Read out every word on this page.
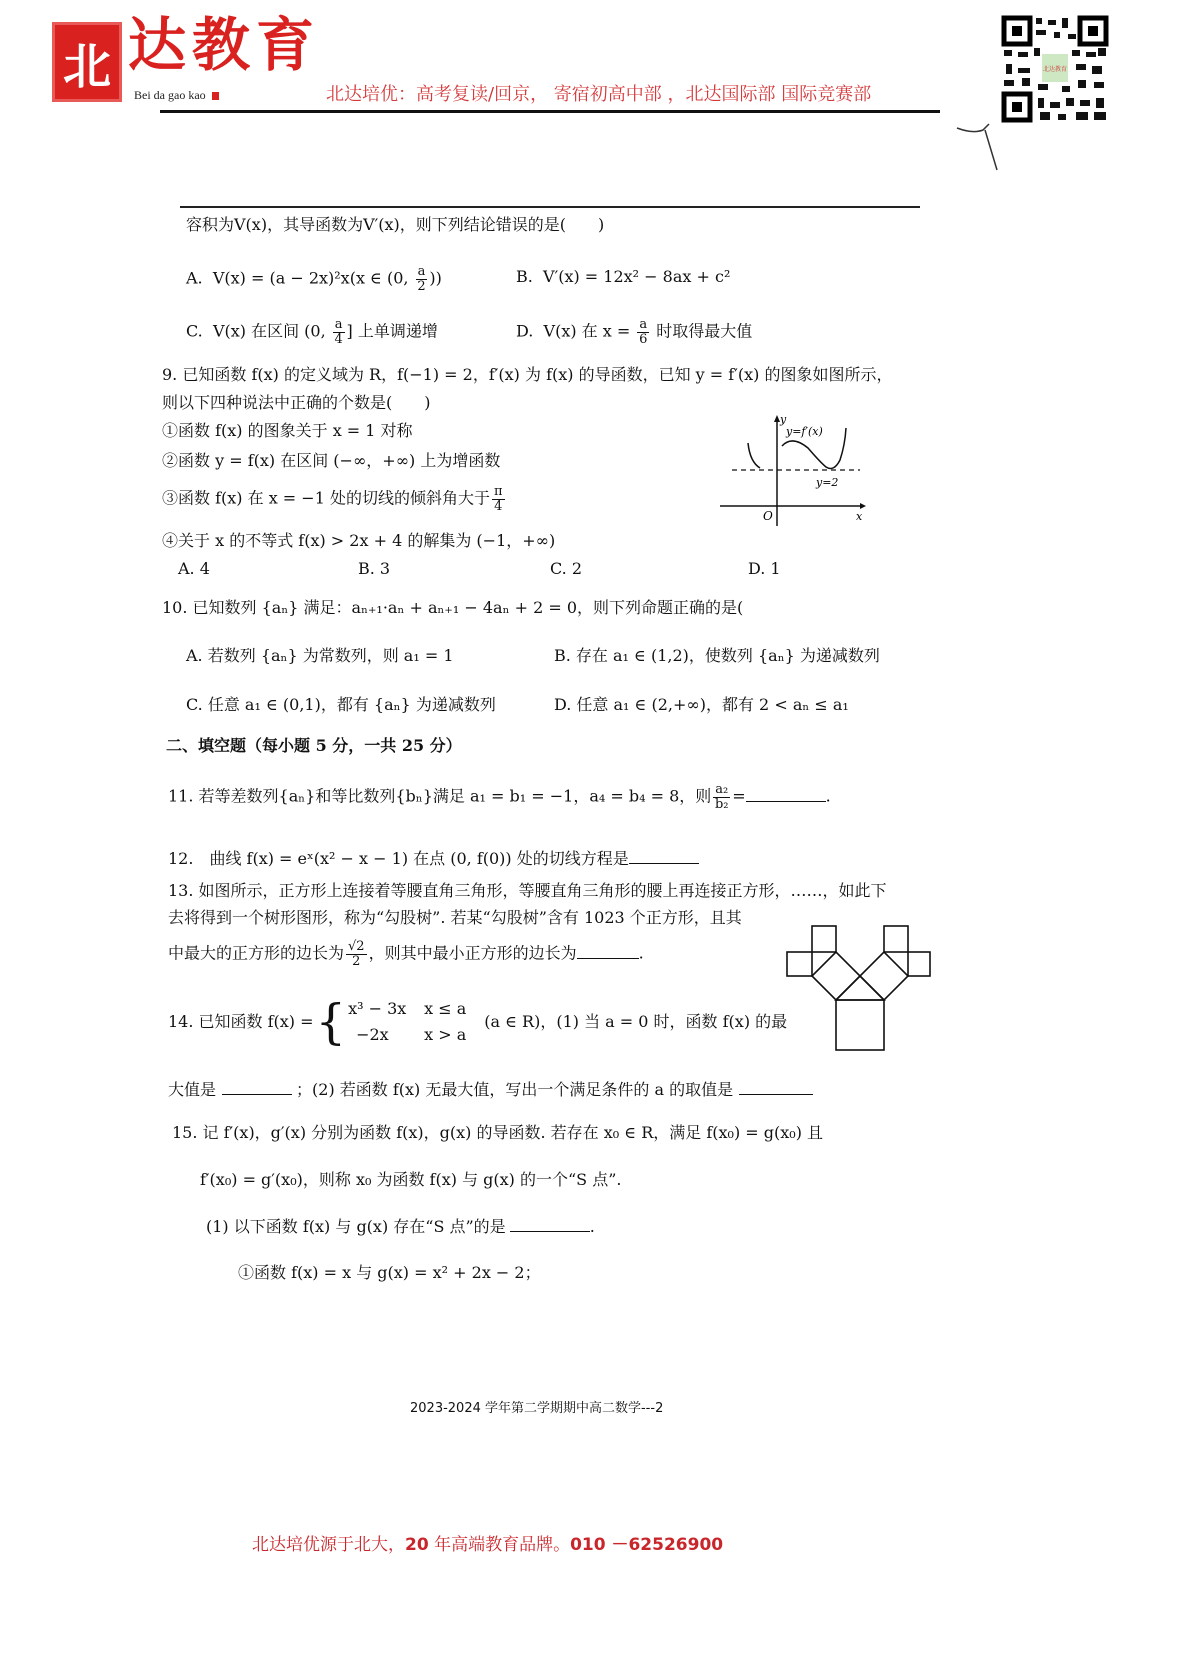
北 达教育
Bei da gao kao	北达培优：高考复读/回京， 寄宿初高中部 ，北达国际部 国际竞赛部
北达教育
容积为V(x)，其导函数为V′(x)，则下列结论错误的是(　　)
A. V(x) = (a − 2x)²x(x ∈ (0, $\frac{a}{2}$ ))	B. V′(x) = 12x² − 8ax + c²
C. V(x) 在区间 (0, $\frac{a}{4}$ ] 上单调递增	D. V(x) 在 $x = \frac{a}{6}$ 时取得最大值
9. 已知函数 f(x) 的定义域为 R，f(−1) = 2，f′(x) 为 f(x) 的导函数，已知 y = f′(x) 的图象如图所示，
则以下四种说法中正确的个数是(　　)
①函数 f(x) 的图象关于 x = 1 对称
②函数 y = f(x) 在区间 (−∞，+∞) 上为增函数
③函数 f(x) 在 x = −1 处的切线的倾斜角大于 $\frac{\pi}{4}$
④关于 x 的不等式 f(x) > 2x + 4 的解集为 (−1，+∞)
A. 4	B. 3	C. 2	D. 1
y
x
O
y=f′(x)
y=2
10. 已知数列 {aₙ} 满足：aₙ₊₁·aₙ + aₙ₊₁ − 4aₙ + 2 = 0，则下列命题正确的是(
A. 若数列 {aₙ} 为常数列，则 a₁ = 1	B. 存在 a₁ ∈ (1,2)，使数列 {aₙ} 为递减数列
C. 任意 a₁ ∈ (0,1)，都有 {aₙ} 为递减数列	D. 任意 a₁ ∈ (2,+∞)，都有 2 < aₙ ≤ a₁
二、填空题（每小题 5 分，一共 25 分）
11. 若等差数列{aₙ}和等比数列{bₙ}满足 a₁ = b₁ = −1，a₄ = b₄ = 8，则 $\frac{\text{a₂}}{\text{b₂}}$ =	.
12.　曲线 f(x) = eˣ(x² − x − 1) 在点 (0, f(0)) 处的切线方程是
13. 如图所示，正方形上连接着等腰直角三角形，等腰直角三角形的腰上再连接正方形，……，如此下
去将得到一个树形图形，称为“勾股树”. 若某“勾股树”含有 1023 个正方形，且其
中最大的正方形的边长为 $\frac{√2}{2}$ ，则其中最小正方形的边长为	.
14. 已知函数 f(x) = { x³ − 3x x ≤ a
−2x x > a
(a ∈ R)，(1) 当 a = 0 时，函数 f(x) 的最
大值是	；(2) 若函数 f(x) 无最大值，写出一个满足条件的 a 的取值是
15. 记 f′(x)，g′(x) 分别为函数 f(x)，g(x) 的导函数. 若存在 x₀ ∈ R，满足 f(x₀) = g(x₀) 且
f′(x₀) = g′(x₀)，则称 x₀ 为函数 f(x) 与 g(x) 的一个“S 点”.
(1) 以下函数 f(x) 与 g(x) 存在“S 点”的是	.
①函数 f(x) = x 与 g(x) = x² + 2x − 2；
2023-2024 学年第二学期期中高二数学---2
北达培优源于北大，20 年高端教育品牌。010 －62526900
